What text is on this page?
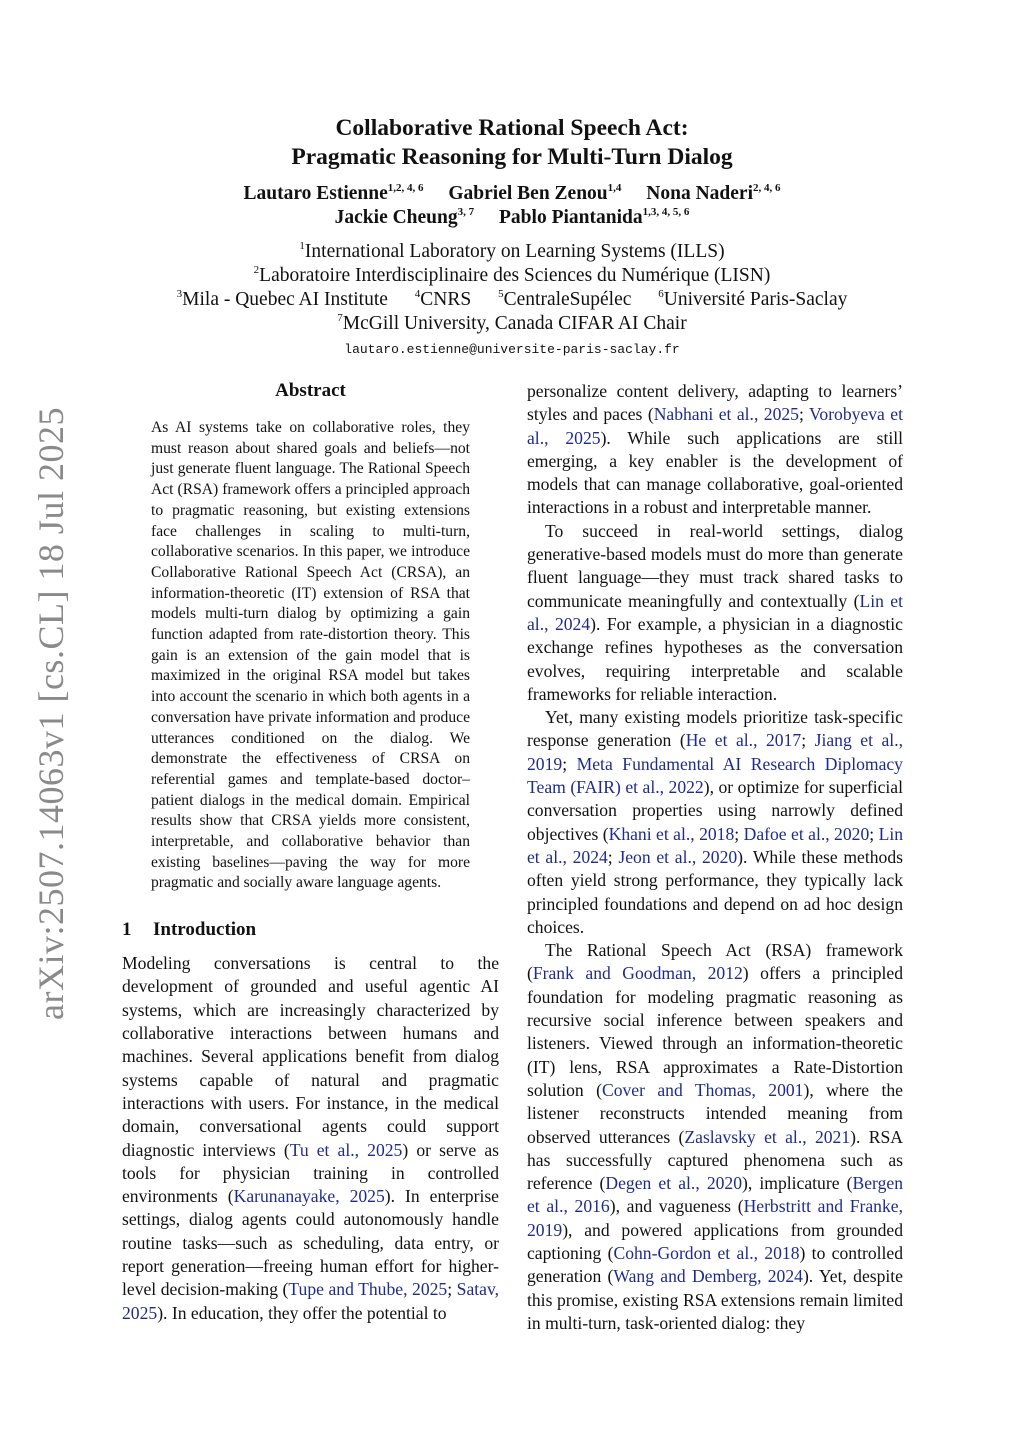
arXiv:2507.14063v1 [cs.CL] 18 Jul 2025
Collaborative Rational Speech Act:
Pragmatic Reasoning for Multi-Turn Dialog
Lautaro Estienne$^{1,2, 4, 6}$ Gabriel Ben Zenou$^{1,4}$ Nona Naderi$^{2, 4, 6}$
Jackie Cheung$^{3, 7}$ Pablo Piantanida$^{1,3, 4, 5, 6}$
$^1$International Laboratory on Learning Systems (ILLS)
$^2$Laboratoire Interdisciplinaire des Sciences du Numérique (LISN)
$^3$Mila - Quebec AI Institute $^4$CNRS $^5$CentraleSupélec $^6$Université Paris-Saclay
$^7$McGill University, Canada CIFAR AI Chair
lautaro.estienne@universite-paris-saclay.fr
Abstract

As AI systems take on collaborative roles, they must reason about shared goals and beliefs—not just generate fluent language. The Rational Speech Act (RSA) framework offers a principled approach to pragmatic reasoning, but existing extensions face challenges in scaling to multi-turn, collaborative scenarios. In this paper, we introduce Collaborative Rational Speech Act (CRSA), an information-theoretic (IT) extension of RSA that models multi-turn dialog by optimizing a gain function adapted from rate-distortion theory. This gain is an extension of the gain model that is maximized in the original RSA model but takes into account the scenario in which both agents in a conversation have private information and produce utterances conditioned on the dialog. We demonstrate the effectiveness of CRSA on referential games and template-based doctor–patient dialogs in the medical domain. Empirical results show that CRSA yields more consistent, interpretable, and collaborative behavior than existing baselines—paving the way for more pragmatic and socially aware language agents.

1 Introduction

Modeling conversations is central to the development of grounded and useful agentic AI systems, which are increasingly characterized by collaborative interactions between humans and machines. Several applications benefit from dialog systems capable of natural and pragmatic interactions with users. For instance, in the medical domain, conversational agents could support diagnostic interviews (Tu et al., 2025) or serve as tools for physician training in controlled environments (Karunanayake, 2025). In enterprise settings, dialog agents could autonomously handle routine tasks—such as scheduling, data entry, or report generation—freeing human effort for higher-level decision-making (Tupe and Thube, 2025; Satav, 2025). In education, they offer the potential to

personalize content delivery, adapting to learners’ styles and paces (Nabhani et al., 2025; Vorobyeva et al., 2025). While such applications are still emerging, a key enabler is the development of models that can manage collaborative, goal-oriented interactions in a robust and interpretable manner.

To succeed in real-world settings, dialog generative-based models must do more than generate fluent language—they must track shared tasks to communicate meaningfully and contextually (Lin et al., 2024). For example, a physician in a diagnostic exchange refines hypotheses as the conversation evolves, requiring interpretable and scalable frameworks for reliable interaction.

Yet, many existing models prioritize task-specific response generation (He et al., 2017; Jiang et al., 2019; Meta Fundamental AI Research Diplomacy Team (FAIR) et al., 2022), or optimize for superficial conversation properties using narrowly defined objectives (Khani et al., 2018; Dafoe et al., 2020; Lin et al., 2024; Jeon et al., 2020). While these methods often yield strong performance, they typically lack principled foundations and depend on ad hoc design choices.

The Rational Speech Act (RSA) framework (Frank and Goodman, 2012) offers a principled foundation for modeling pragmatic reasoning as recursive social inference between speakers and listeners. Viewed through an information-theoretic (IT) lens, RSA approximates a Rate-Distortion solution (Cover and Thomas, 2001), where the listener reconstructs intended meaning from observed utterances (Zaslavsky et al., 2021). RSA has successfully captured phenomena such as reference (Degen et al., 2020), implicature (Bergen et al., 2016), and vagueness (Herbstritt and Franke, 2019), and powered applications from grounded captioning (Cohn-Gordon et al., 2018) to controlled generation (Wang and Demberg, 2024). Yet, despite this promise, existing RSA extensions remain limited in multi-turn, task-oriented dialog: they
